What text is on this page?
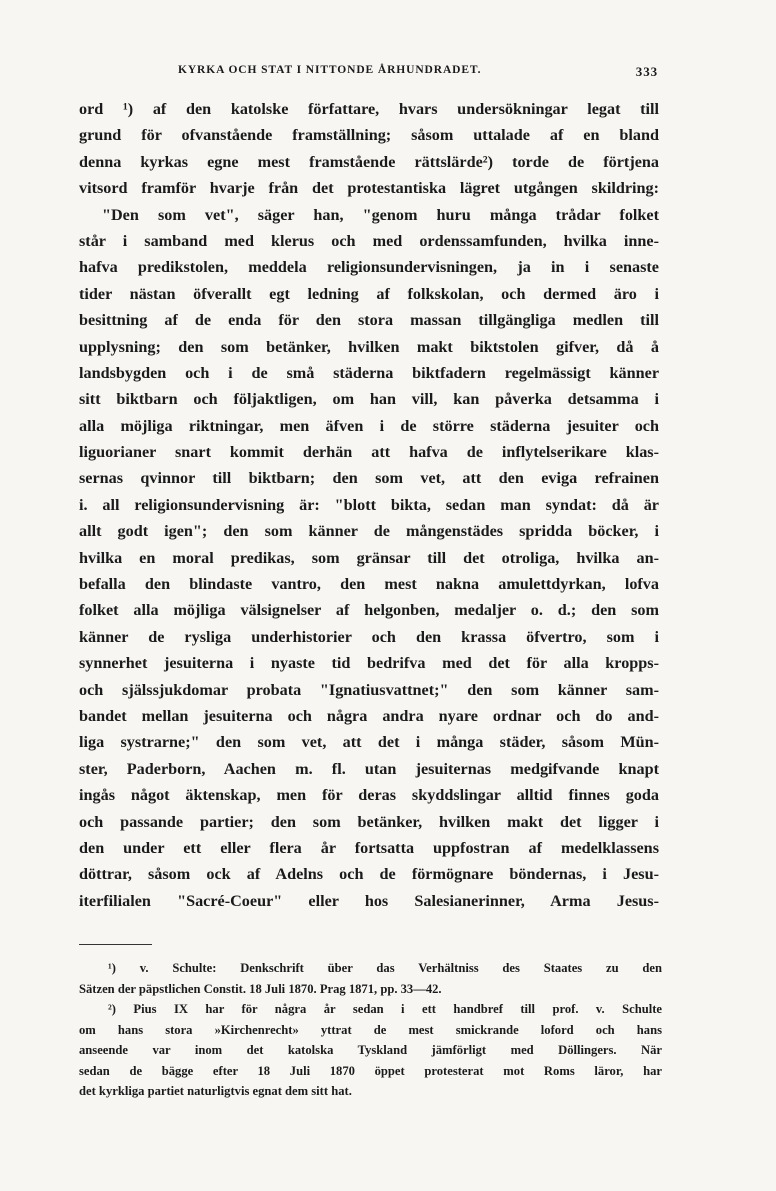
KYRKA OCH STAT I NITTONDE ÅRHUNDRADET.	333
ord ¹) af den katolske författare, hvars undersökningar legat till
grund för ofvanstående framställning; såsom uttalade af en bland
denna kyrkas egne mest framstående rättslärde²) torde de förtjena
vitsord framför hvarje från det protestantiska lägret utgången skildring:
"Den som vet", säger han, "genom huru många trådar folket
står i samband med klerus och med ordenssamfunden, hvilka inne-
hafva predikstolen, meddela religionsundervisningen, ja in i senaste
tider nästan öfverallt egt ledning af folkskolan, och dermed äro i
besittning af de enda för den stora massan tillgängliga medlen till
upplysning; den som betänker, hvilken makt biktstolen gifver, då å
landsbygden och i de små städerna biktfadern regelmässigt känner
sitt biktbarn och följaktligen, om han vill, kan påverka detsamma i
alla möjliga riktningar, men äfven i de större städerna jesuiter och
liguorianer snart kommit derhän att hafva de inflytelserikare klas-
sernas qvinnor till biktbarn; den som vet, att den eviga refrainen
i. all religionsundervisning är: "blott bikta, sedan man syndat: då är
allt godt igen"; den som känner de mångenstädes spridda böcker, i
hvilka en moral predikas, som gränsar till det otroliga, hvilka an-
befalla den blindaste vantro, den mest nakna amulettdyrkan, lofva
folket alla möjliga välsignelser af helgonben, medaljer o. d.; den som
känner de rysliga underhistorier och den krassa öfvertro, som i
synnerhet jesuiterna i nyaste tid bedrifva med det för alla kropps-
och själssjukdomar probata "Ignatiusvattnet;" den som känner sam-
bandet mellan jesuiterna och några andra nyare ordnar och do and-
liga systrarne;" den som vet, att det i många städer, såsom Mün-
ster, Paderborn, Aachen m. fl. utan jesuiternas medgifvande knapt
ingås något äktenskap, men för deras skyddslingar alltid finnes goda
och passande partier; den som betänker, hvilken makt det ligger i
den under ett eller flera år fortsatta uppfostran af medelklassens
döttrar, såsom ock af Adelns och de förmögnare böndernas, i Jesu-
iterfilialen "Sacré-Coeur" eller hos Salesianerinner, Arma Jesus-
¹) v. Schulte: Denkschrift über das Verhältniss des Staates zu den
Sätzen der päpstlichen Constit. 18 Juli 1870. Prag 1871, pp. 33—42.
²) Pius IX har för några år sedan i ett handbref till prof. v. Schulte
om hans stora »Kirchenrecht» yttrat de mest smickrande loford och hans
anseende var inom det katolska Tyskland jämförligt med Döllingers. När
sedan de bägge efter 18 Juli 1870 öppet protesterat mot Roms läror, har
det kyrkliga partiet naturligtvis egnat dem sitt hat.
